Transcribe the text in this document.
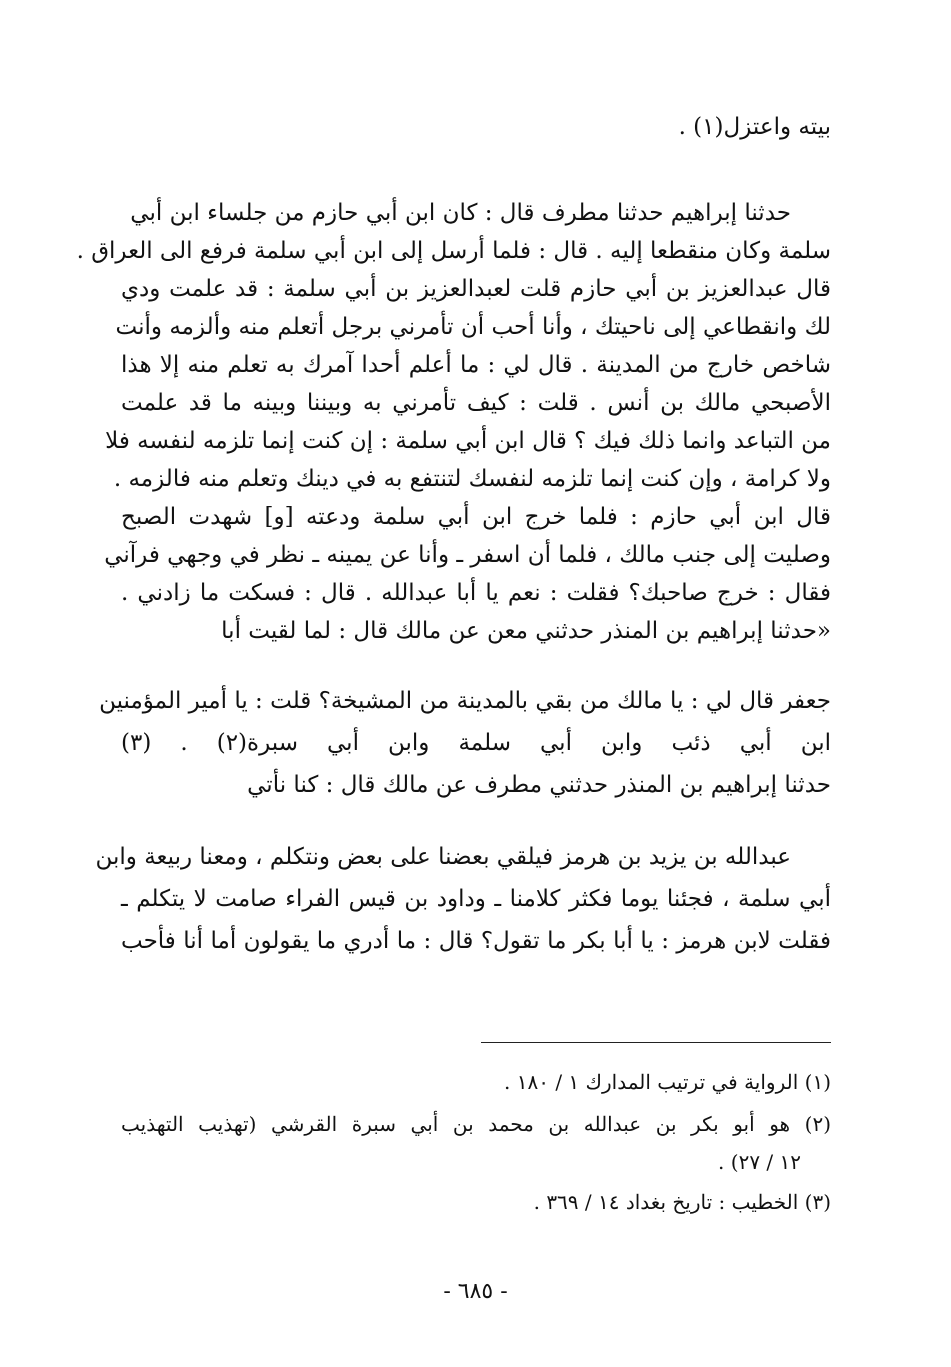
بيته واعتزل(١) .
حدثنا إبراهيم حدثنا مطرف قال : كان ابن أبي حازم من جلساء ابن أبي
سلمة وكان منقطعا إليه . قال : فلما أرسل إلى ابن أبي سلمة فرفع الى العراق .
قال عبدالعزيز بن أبي حازم قلت لعبدالعزيز بن أبي سلمة : قد علمت ودي
لك وانقطاعي إلى ناحيتك ، وأنا أحب أن تأمرني برجل أتعلم منه وألزمه وأنت
شاخص خارج من المدينة . قال لي : ما أعلم أحدا آمرك به تعلم منه إلا هذا
الأصبحي مالك بن أنس . قلت : كيف تأمرني به وبيننا وبينه ما قد علمت
من التباعد وانما ذلك فيك ؟ قال ابن أبي سلمة : إن كنت إنما تلزمه لنفسه فلا
ولا كرامة ، وإن كنت إنما تلزمه لنفسك لتنتفع به في دينك وتعلم منه فالزمه .
قال ابن أبي حازم : فلما خرج ابن أبي سلمة ودعته [و] شهدت الصبح
وصليت إلى جنب مالك ، فلما أن اسفر ـ وأنا عن يمينه ـ نظر في وجهي فرآني
فقال : خرج صاحبك؟ فقلت : نعم يا أبا عبدالله . قال : فسكت ما زادني .
«حدثنا إبراهيم بن المنذر حدثني معن عن مالك قال : لما لقيت أبا
جعفر قال لي : يا مالك من بقي بالمدينة من المشيخة؟ قلت : يا أمير المؤمنين
ابن أبي ذئب وابن أبي سلمة وابن أبي سبرة(٢) . (٣)
حدثنا إبراهيم بن المنذر حدثني مطرف عن مالك قال : كنا نأتي
عبدالله بن يزيد بن هرمز فيلقي بعضنا على بعض ونتكلم ، ومعنا ربيعة وابن
أبي سلمة ، فجئنا يوما فكثر كلامنا ـ وداود بن قيس الفراء صامت لا يتكلم ـ
فقلت لابن هرمز : يا أبا بكر ما تقول؟ قال : ما أدري ما يقولون أما أنا فأحب
(١) الرواية في ترتيب المدارك ١ / ١٨٠ .
(٢) هو أبو بكر بن عبدالله بن محمد بن أبي سبرة القرشي (تهذيب التهذيب
١٢ / ٢٧) .
(٣) الخطيب : تاريخ بغداد ١٤ / ٣٦٩ .
- ٦٨٥ -
